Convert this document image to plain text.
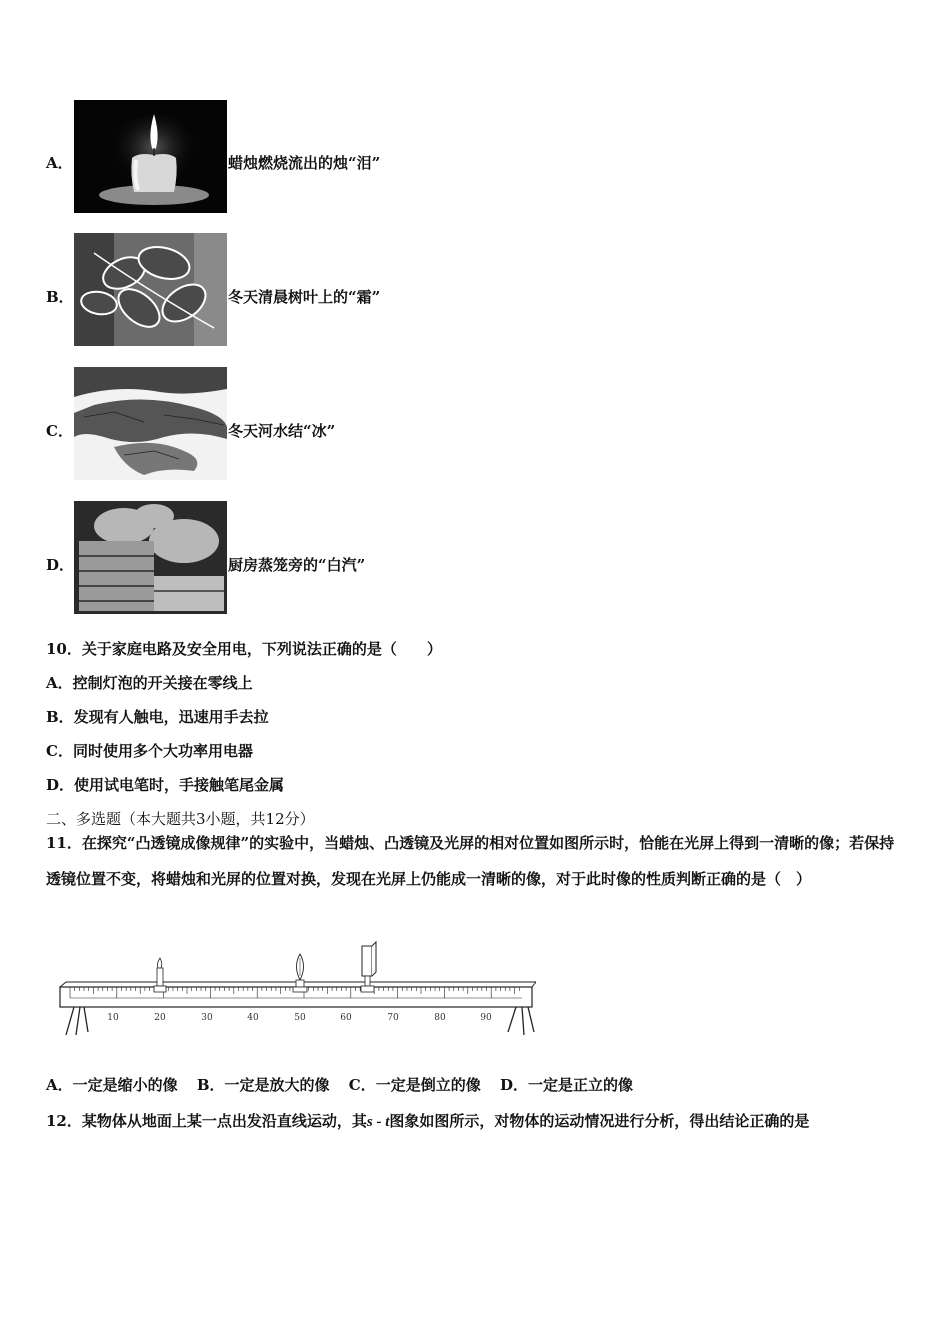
A．	蜡烛燃烧流出的烛“泪”
B．	冬天清晨树叶上的“霜”
C．	冬天河水结“冰”
D．	厨房蒸笼旁的“白汽”
10．关于家庭电路及安全用电，下列说法正确的是（　　）
A．控制灯泡的开关接在零线上
B．发现有人触电，迅速用手去拉
C．同时使用多个大功率用电器
D．使用试电笔时，手接触笔尾金属
二、多选题（本大题共3小题，共12分）
11．在探究“凸透镜成像规律”的实验中，当蜡烛、凸透镜及光屏的相对位置如图所示时，恰能在光屏上得到一清晰的像；若保持透镜位置不变，将蜡烛和光屏的位置对换，发现在光屏上仍能成一清晰的像，对于此时像的性质判断正确的是（　）
10	20	30	40	50	60	70	80	90
A．一定是缩小的像 B．一定是放大的像 C．一定是倒立的像 D．一定是正立的像
12．某物体从地面上某一点出发沿直线运动，其s - t图象如图所示，对物体的运动情况进行分析，得出结论正确的是
